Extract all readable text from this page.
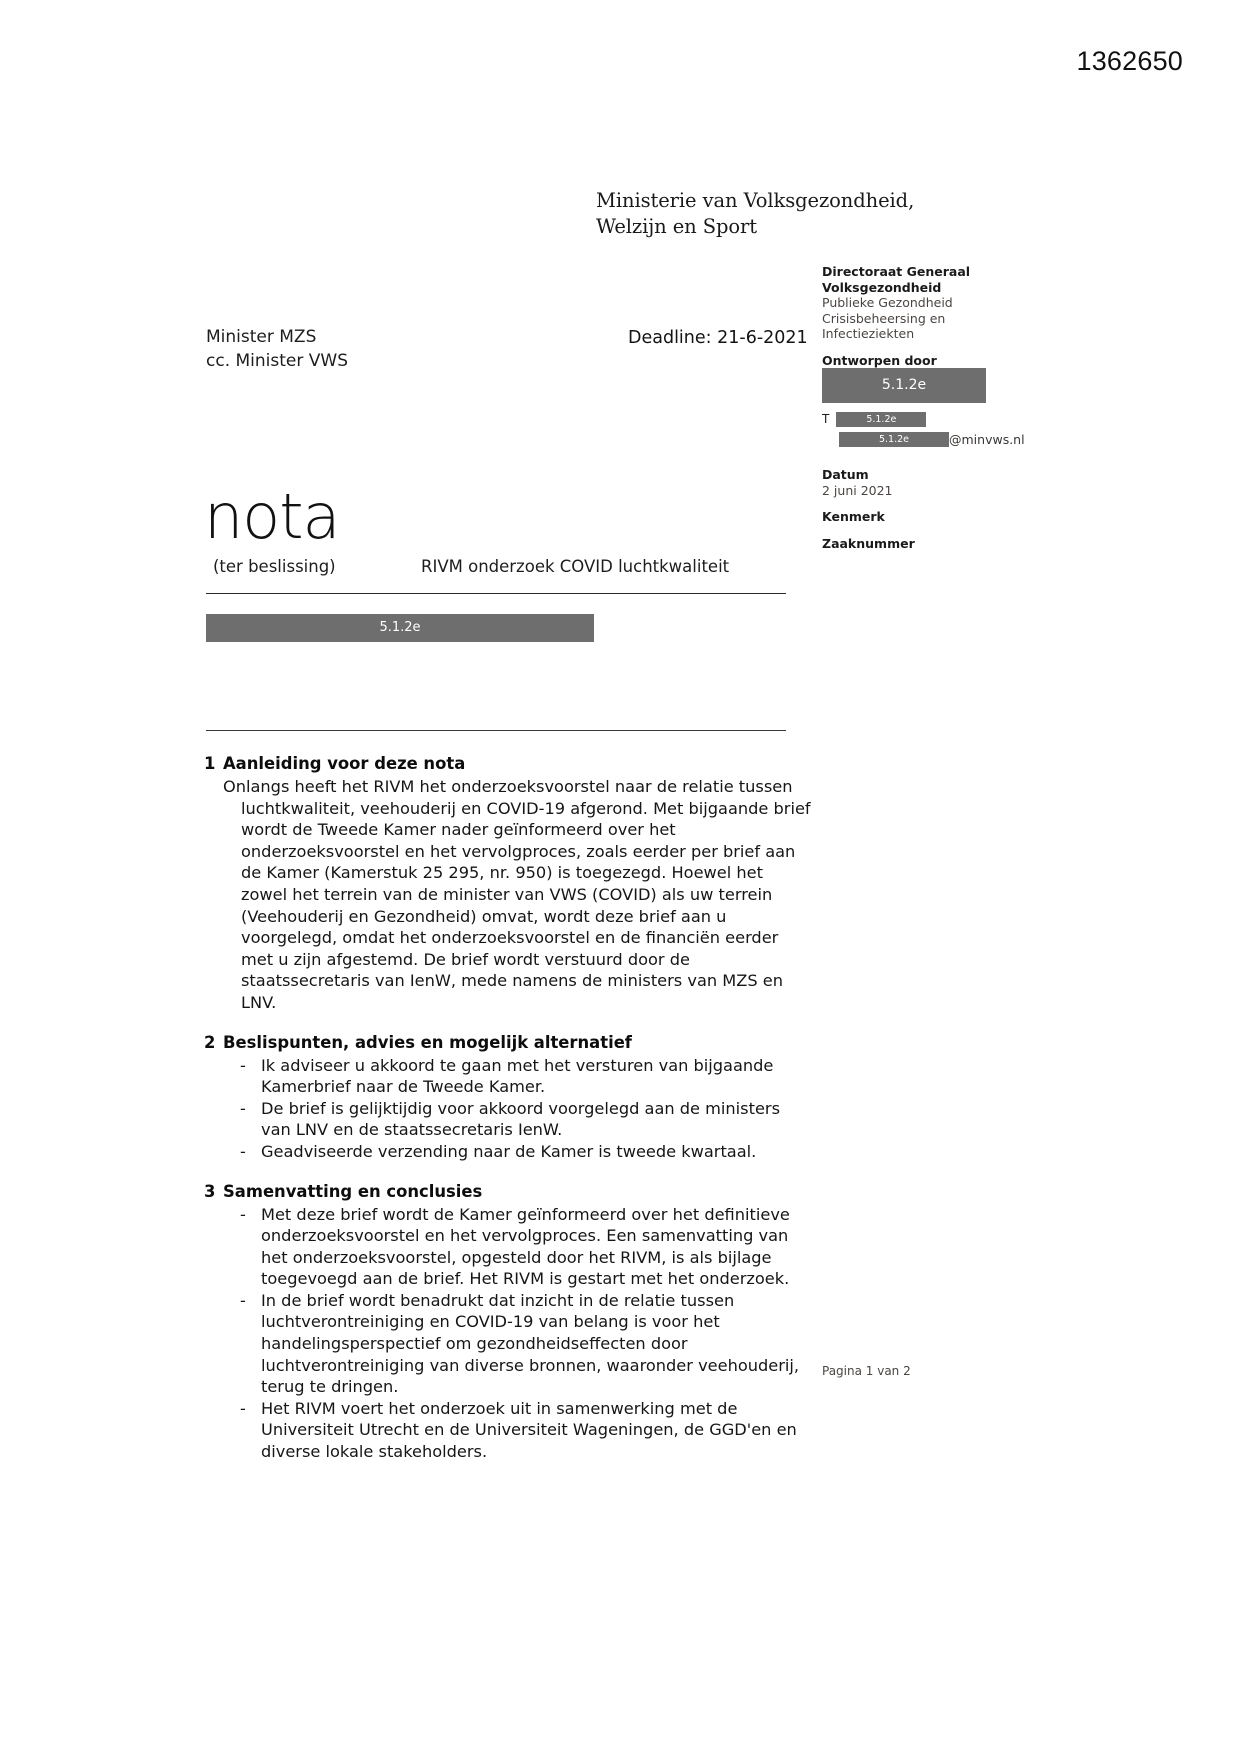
1362650
Ministerie van Volksgezondheid,
Welzijn en Sport
Minister MZS
cc. Minister VWS
Deadline: 21-6-2021
Directoraat Generaal
Volksgezondheid
Publieke Gezondheid
Crisisbeheersing en
Infectieziekten
Ontworpen door
5.1.2e
T	5.1.2e
5.1.2e	@minvws.nl
Datum
2 juni 2021
Kenmerk
Zaaknummer
nota
(ter beslissing)	RIVM onderzoek COVID luchtkwaliteit
5.1.2e
1 Aanleiding voor deze nota
Onlangs heeft het RIVM het onderzoeksvoorstel naar de relatie tussen luchtkwaliteit, veehouderij en COVID-19 afgerond. Met bijgaande brief wordt de Tweede Kamer nader geïnformeerd over het onderzoeksvoorstel en het vervolgproces, zoals eerder per brief aan de Kamer (Kamerstuk 25 295, nr. 950) is toegezegd. Hoewel het zowel het terrein van de minister van VWS (COVID) als uw terrein (Veehouderij en Gezondheid) omvat, wordt deze brief aan u voorgelegd, omdat het onderzoeksvoorstel en de financiën eerder met u zijn afgestemd. De brief wordt verstuurd door de staatssecretaris van IenW, mede namens de ministers van MZS en LNV.
2 Beslispunten, advies en mogelijk alternatief
- Ik adviseer u akkoord te gaan met het versturen van bijgaande Kamerbrief naar de Tweede Kamer.
- De brief is gelijktijdig voor akkoord voorgelegd aan de ministers van LNV en de staatssecretaris IenW.
- Geadviseerde verzending naar de Kamer is tweede kwartaal.
3 Samenvatting en conclusies
- Met deze brief wordt de Kamer geïnformeerd over het definitieve onderzoeksvoorstel en het vervolgproces. Een samenvatting van het onderzoeksvoorstel, opgesteld door het RIVM, is als bijlage toegevoegd aan de brief. Het RIVM is gestart met het onderzoek.
- In de brief wordt benadrukt dat inzicht in de relatie tussen luchtverontreiniging en COVID-19 van belang is voor het handelingsperspectief om gezondheidseffecten door luchtverontreiniging van diverse bronnen, waaronder veehouderij, terug te dringen.
- Het RIVM voert het onderzoek uit in samenwerking met de Universiteit Utrecht en de Universiteit Wageningen, de GGD'en en diverse lokale stakeholders.
Pagina 1 van 2
